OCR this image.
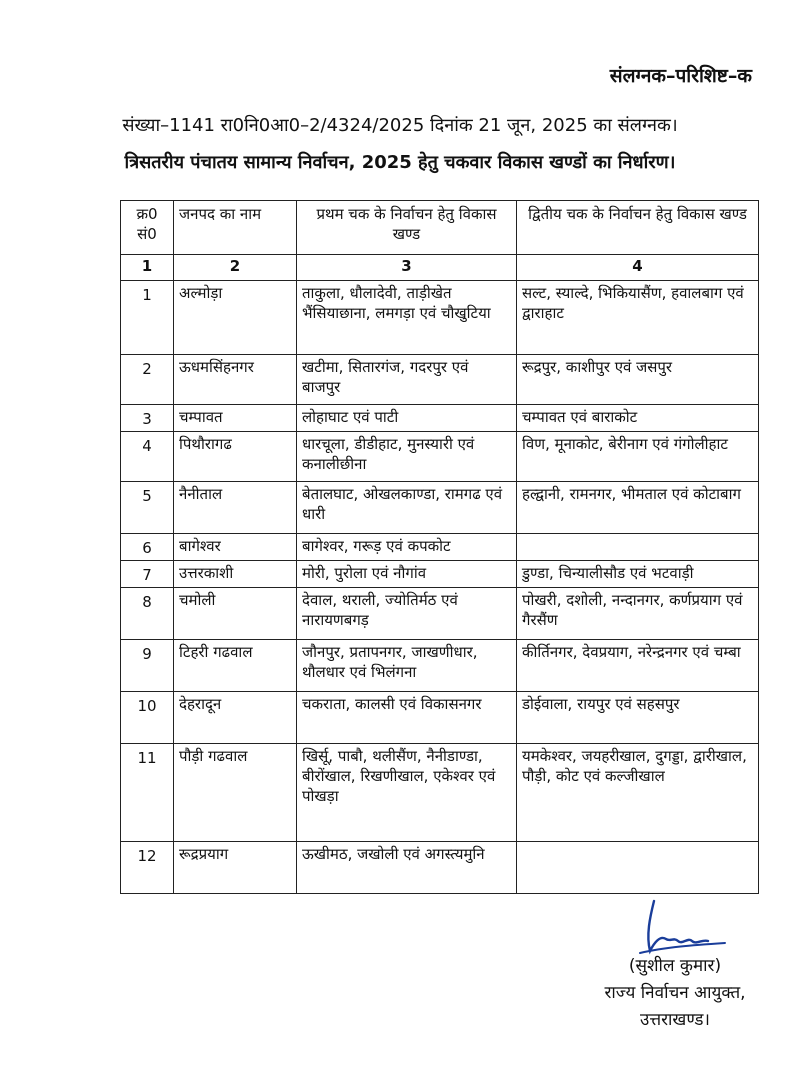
संलग्नक–परिशिष्ट–क
संख्या–1141 रा0नि0आ0–2/4324/2025 दिनांक 21 जून, 2025 का संलग्नक।
त्रिसतरीय पंचातय सामान्य निर्वाचन, 2025 हेतु चकवार विकास खण्डों का निर्धारण।
क्र0 सं0	जनपद का नाम	प्रथम चक के निर्वाचन हेतु विकास खण्ड	द्वितीय चक के निर्वाचन हेतु विकास खण्ड
1	2	3	4
1	अल्मोड़ा	ताकुला, धौलादेवी, ताड़ीखेत भैंसियाछाना, लमगड़ा एवं चौखुटिया	सल्ट, स्याल्दे, भिकियासैंण, हवालबाग एवं द्वाराहाट
2	ऊधमसिंहनगर	खटीमा, सितारगंज, गदरपुर एवं बाजपुर	रूद्रपुर, काशीपुर एवं जसपुर
3	चम्पावत	लोहाघाट एवं पाटी	चम्पावत एवं बाराकोट
4	पिथौरागढ	धारचूला, डीडीहाट, मुनस्यारी एवं कनालीछीना	विण, मूनाकोट, बेरीनाग एवं गंगोलीहाट
5	नैनीताल	बेतालघाट, ओखलकाण्डा, रामगढ एवं धारी	हल्द्वानी, रामनगर, भीमताल एवं कोटाबाग
6	बागेश्वर	बागेश्वर, गरूड़ एवं कपकोट	
7	उत्तरकाशी	मोरी, पुरोला एवं नौगांव	डुण्डा, चिन्यालीसौड एवं भटवाड़ी
8	चमोली	देवाल, थराली, ज्योतिर्मठ एवं नारायणबगड़	पोखरी, दशोली, नन्दानगर, कर्णप्रयाग एवं गैरसैंण
9	टिहरी गढवाल	जौनपुर, प्रतापनगर, जाखणीधार, थौलधार एवं भिलंगना	कीर्तिनगर, देवप्रयाग, नरेन्द्रनगर एवं चम्बा
10	देहरादून	चकराता, कालसी एवं विकासनगर	डोईवाला, रायपुर एवं सहसपुर
11	पौड़ी गढवाल	खिर्सू, पाबौ, थलीसैंण, नैनीडाण्डा, बीरोंखाल, रिखणीखाल, एकेश्वर एवं पोखड़ा	यमकेश्वर, जयहरीखाल, दुगड्डा, द्वारीखाल, पौड़ी, कोट एवं कल्जीखाल
12	रूद्रप्रयाग	ऊखीमठ, जखोली एवं अगस्त्यमुनि	
(सुशील कुमार)
राज्य निर्वाचन आयुक्त,
उत्तराखण्ड।
